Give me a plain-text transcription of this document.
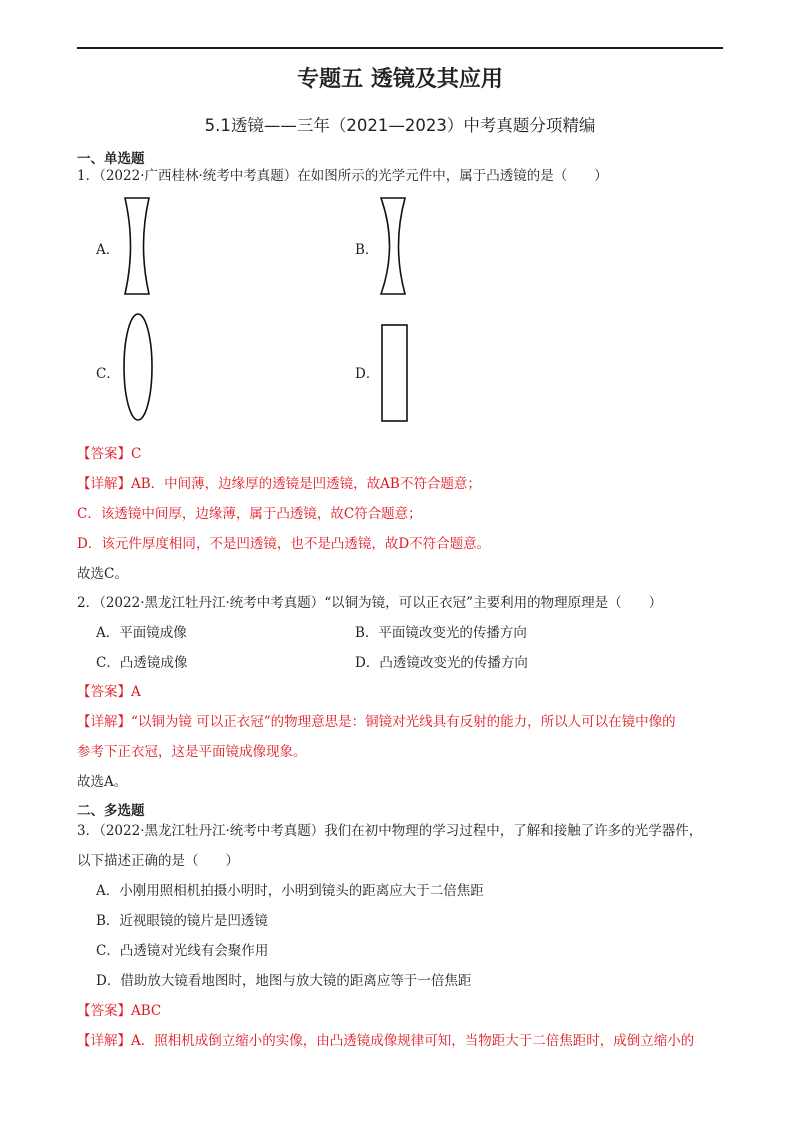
专题五 透镜及其应用
5.1透镜——三年（2021—2023）中考真题分项精编
一、单选题
1．（2022·广西桂林·统考中考真题）在如图所示的光学元件中，属于凸透镜的是（　　）
A．	B．
C．	D．
【答案】C
【详解】AB．中间薄，边缘厚的透镜是凹透镜，故AB不符合题意；
C．该透镜中间厚，边缘薄，属于凸透镜，故C符合题意；
D．该元件厚度相同，不是凹透镜，也不是凸透镜，故D不符合题意。
故选C。
2．（2022·黑龙江牡丹江·统考中考真题）“以铜为镜，可以正衣冠”主要利用的物理原理是（　　）
A．平面镜成像	B．平面镜改变光的传播方向
C．凸透镜成像	D．凸透镜改变光的传播方向
【答案】A
【详解】“以铜为镜 可以正衣冠”的物理意思是：铜镜对光线具有反射的能力，所以人可以在镜中像的
参考下正衣冠，这是平面镜成像现象。
故选A。
二、多选题
3．（2022·黑龙江牡丹江·统考中考真题）我们在初中物理的学习过程中，了解和接触了许多的光学器件，
以下描述正确的是（　　）
A．小刚用照相机拍摄小明时，小明到镜头的距离应大于二倍焦距
B．近视眼镜的镜片是凹透镜
C．凸透镜对光线有会聚作用
D．借助放大镜看地图时，地图与放大镜的距离应等于一倍焦距
【答案】ABC
【详解】A．照相机成倒立缩小的实像，由凸透镜成像规律可知，当物距大于二倍焦距时，成倒立缩小的
